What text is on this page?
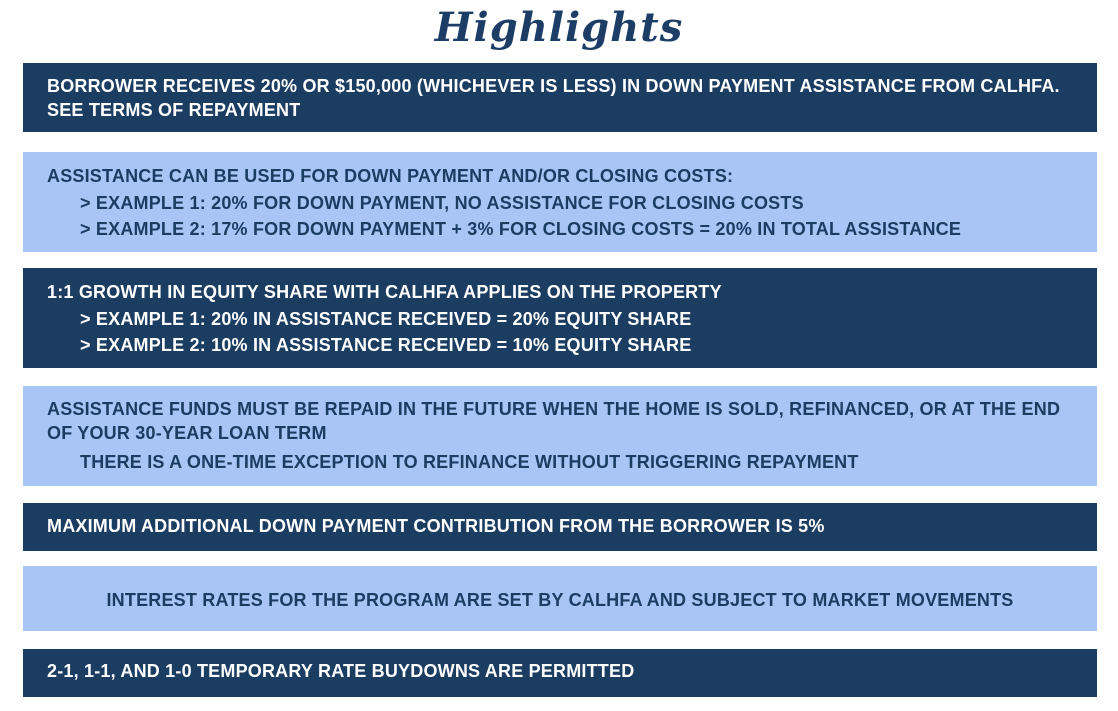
Highlights
BORROWER RECEIVES 20% OR $150,000 (WHICHEVER IS LESS) IN DOWN PAYMENT ASSISTANCE FROM CALHFA. SEE TERMS OF REPAYMENT
ASSISTANCE CAN BE USED FOR DOWN PAYMENT AND/OR CLOSING COSTS:
> EXAMPLE 1: 20% FOR DOWN PAYMENT, NO ASSISTANCE FOR CLOSING COSTS
> EXAMPLE 2: 17% FOR DOWN PAYMENT + 3% FOR CLOSING COSTS = 20% IN TOTAL ASSISTANCE
1:1 GROWTH IN EQUITY SHARE WITH CALHFA APPLIES ON THE PROPERTY
> EXAMPLE 1: 20% IN ASSISTANCE RECEIVED = 20% EQUITY SHARE
> EXAMPLE 2: 10% IN ASSISTANCE RECEIVED = 10% EQUITY SHARE
ASSISTANCE FUNDS MUST BE REPAID IN THE FUTURE WHEN THE HOME IS SOLD, REFINANCED, OR AT THE END OF YOUR 30-YEAR LOAN TERM
THERE IS A ONE-TIME EXCEPTION TO REFINANCE WITHOUT TRIGGERING REPAYMENT
MAXIMUM ADDITIONAL DOWN PAYMENT CONTRIBUTION FROM THE BORROWER IS 5%
INTEREST RATES FOR THE PROGRAM ARE SET BY CALHFA AND SUBJECT TO MARKET MOVEMENTS
2-1, 1-1, AND 1-0 TEMPORARY RATE BUYDOWNS ARE PERMITTED
